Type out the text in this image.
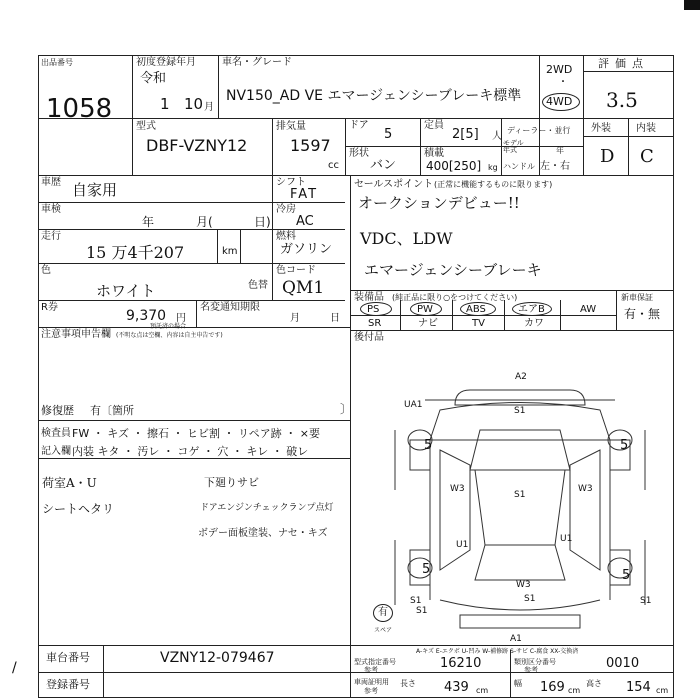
/
出品番号
1058
初度登録年月
令和
1 10 月
車名・グレード
NV150_AD VE エマージェンシーブレーキ標準
2WD
・
4WD
評価点
3.5
型式
DBF-VZNY12
排気量
1597
cc
ドア
5
定員
2[5] 人
形状
バン
積載
400[250] kg
ディーラー・並行
モデル年式	年
ハンドル 左・右
外装	内装
D C
車歴 自家用	シフト
FAT
車検
年	月(	日)
冷房
AC
走行
15 万4千207	km
燃料
ガソリン
色
ホワイト	色替
色コード
QM1
R券
9,370 円
預託済の場合
名変通知期限
月	日
注意事項申告欄 (不明な点は空欄、内容は自主申告です)
修復歴 有〔箇所	〕
セールスポイント (正常に機能するものに限ります)
オークションデビュー!!
VDC、LDW
エマージェンシーブレーキ
装備品 (純正品に限り○をつけてください)	新車保証
有・無
PS	PW	ABS	エアB	AW
SR	ナビ	TV	カワ
後付品
検査員 FW ・ キズ ・ 擦石 ・ ヒビ割 ・ リペア跡 ・ ×要
記入欄 内装 キタ ・ 汚レ ・ コゲ ・ 穴 ・ キレ ・ 破レ
荷室A・U
シートヘタリ
下廻りサビ
ドアエンジンチェックランプ点灯
ボデー面板塗装、ナセ・キズ
A2
UA1
S1
5	5
W3
S1
W3
U1
U1
5	5
W3
S1
S1
A1
S1
S1
有
スペア
A-キズ E-エクボ U-凹み W-補修跡 S-サビ C-腐食 XX-交換済
車台番号	VZNY12-079467	型式指定番号
参考	16210	類別区分番号
参考	0010
登録番号	車両証明用
参考
長さ 439 cm
幅 169 cm
高さ 154 cm
